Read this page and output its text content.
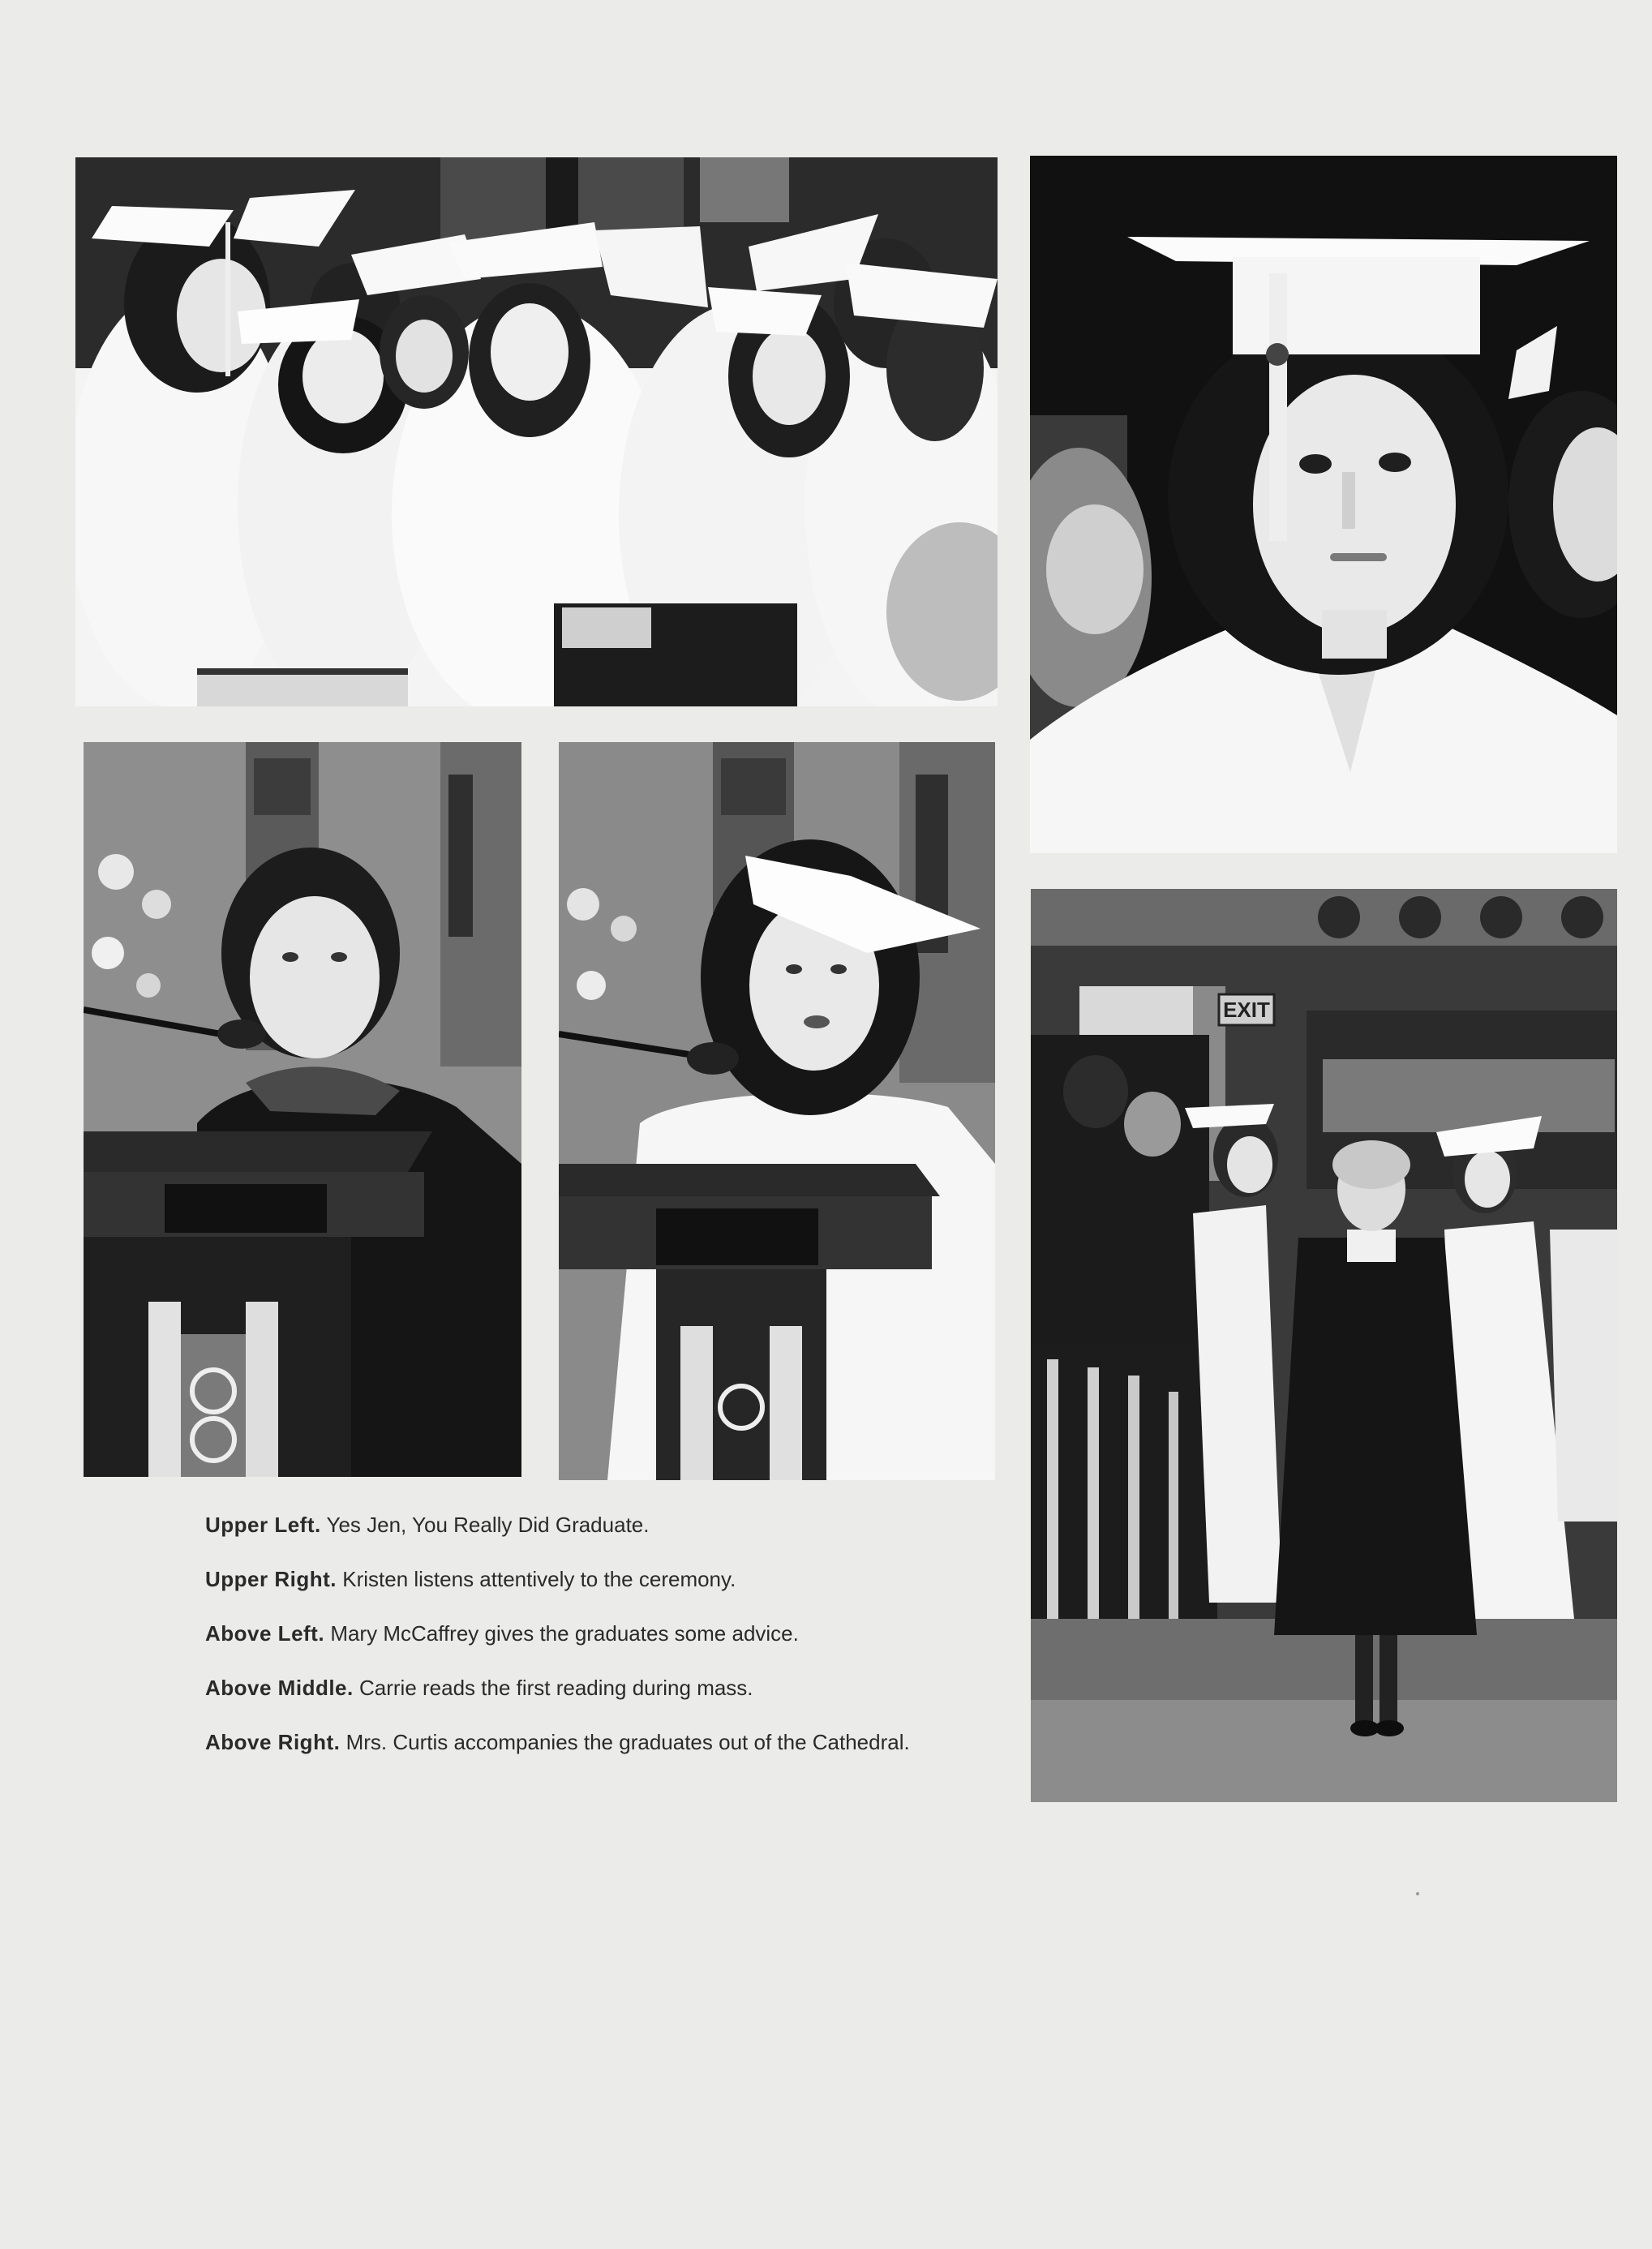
EXIT

Upper Left. Yes Jen, You Really Did Graduate.

Upper Right. Kristen listens attentively to the ceremony.

Above Left. Mary McCaffrey gives the graduates some advice.

Above Middle. Carrie reads the first reading during mass.

Above Right. Mrs. Curtis accompanies the graduates out of the Cathedral.
